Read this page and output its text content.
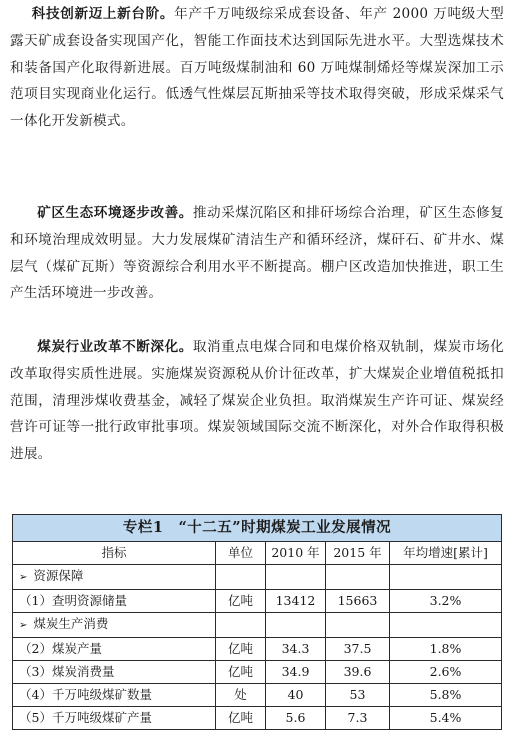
科技创新迈上新台阶。年产千万吨级综采成套设备、年产 2000 万吨级大型露天矿成套设备实现国产化，智能工作面技术达到国际先进水平。大型选煤技术和装备国产化取得新进展。百万吨级煤制油和 60 万吨煤制烯烃等煤炭深加工示范项目实现商业化运行。低透气性煤层瓦斯抽采等技术取得突破，形成采煤采气一体化开发新模式。

矿区生态环境逐步改善。推动采煤沉陷区和排矸场综合治理，矿区生态修复和环境治理成效明显。大力发展煤矿清洁生产和循环经济，煤矸石、矿井水、煤层气（煤矿瓦斯）等资源综合利用水平不断提高。棚户区改造加快推进，职工生产生活环境进一步改善。

煤炭行业改革不断深化。取消重点电煤合同和电煤价格双轨制，煤炭市场化改革取得实质性进展。实施煤炭资源税从价计征改革，扩大煤炭企业增值税抵扣范围，清理涉煤收费基金，减轻了煤炭企业负担。取消煤炭生产许可证、煤炭经营许可证等一批行政审批事项。煤炭领域国际交流不断深化，对外合作取得积极进展。

专栏1　“十二五”时期煤炭工业发展情况				
指标	单位	2010 年	2015 年	年均增速[累计]
➢ 资源保障				
（1）查明资源储量	亿吨	13412	15663	3.2%
➢ 煤炭生产消费				
（2）煤炭产量	亿吨	34.3	37.5	1.8%
（3）煤炭消费量	亿吨	34.9	39.6	2.6%
（4）千万吨级煤矿数量	处	40	53	5.8%
（5）千万吨级煤矿产量	亿吨	5.6	7.3	5.4%
